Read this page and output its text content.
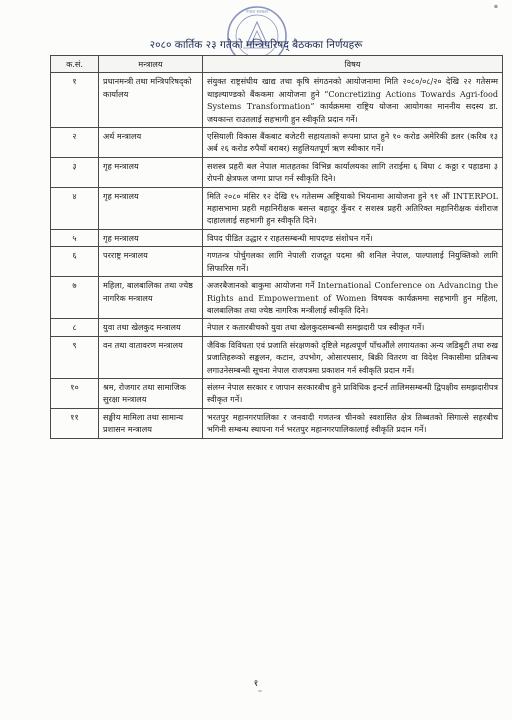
▪
नेपाल सरकार
२०८० कार्तिक २३ गतेको मन्त्रिपरिषद् बैठकका निर्णयहरू
क.सं.	मन्त्रालय	विषय
१	प्रधानमन्त्री तथा मन्त्रिपरिषद्को कार्यालय	संयुक्त राष्ट्रसंघीय खाद्य तथा कृषि संगठनको आयोजनामा मिति २०८०/०८/२० देखि २२ गतेसम्म थाइल्याण्डको बैंककमा आयोजना हुने “Concretizing Actions Towards Agri-food Systems Transformation” कार्यक्रममा राष्ट्रिय योजना आयोगका माननीय सदस्य डा. जयकान्त राउतलाई सहभागी हुन स्वीकृति प्रदान गर्ने।
२	अर्थ मन्त्रालय	एसियाली विकास बैंकबाट बजेटरी सहायताको रूपमा प्राप्त हुने १० करोड अमेरिकी डलर (करिब १३ अर्ब २६ करोड रुपैयाँ बराबर) सहुलियतपूर्ण ऋण स्वीकार गर्ने।
३	गृह मन्त्रालय	सशस्त्र प्रहरी बल नेपाल मातहतका विभिन्न कार्यालयका लागि तराईमा ६ बिघा ८ कठ्ठा र पहाडमा ३ रोपनी क्षेत्रफल जग्गा प्राप्त गर्न स्वीकृति दिने।
४	गृह मन्त्रालय	मिति २०८० मंसिर १२ देखि १५ गतेसम्म अष्ट्रियाको भियनामा आयोजना हुने ९१ औं INTERPOL महासभामा प्रहरी महानिरीक्षक बसन्त बहादुर कुँवर र सशस्त्र प्रहरी अतिरिक्त महानिरीक्षक वंशीराज दाहाललाई सहभागी हुन स्वीकृति दिने।
५	गृह मन्त्रालय	विपद पीडित उद्धार र राहतसम्बन्धी मापदण्ड संशोधन गर्ने।
६	परराष्ट्र मन्त्रालय	गणतन्त्र पोर्चुगलका लागि नेपाली राजदूत पदमा श्री शनिल नेपाल, पाल्पालाई नियुक्तिको लागि सिफारिस गर्ने।
७	महिला, बालबालिका तथा ज्येष्ठ नागरिक मन्त्रालय	अजरबैजानको बाकुमा आयोजना गर्ने International Conference on Advancing the Rights and Empowerment of Women विषयक कार्यक्रममा सहभागी हुन महिला, बालबालिका तथा ज्येष्ठ नागरिक मन्त्रीलाई स्वीकृति दिने।
८	युवा तथा खेलकुद मन्त्रालय	नेपाल र कतारबीचको युवा तथा खेलकुदसम्बन्धी समझदारी पत्र स्वीकृत गर्ने।
९	वन तथा वातावरण मन्त्रालय	जैविक विविधता एवं प्रजाति संरक्षणको दृष्टिले महत्वपूर्ण पाँचऔंले लगायतका अन्य जडिबुटी तथा रुख प्रजातिहरूको सङ्कलन, कटान, उपभोग, ओसारपसार, बिक्री वितरण वा विदेश निकासीमा प्रतिबन्ध लगाउनेसम्बन्धी सूचना नेपाल राजपत्रमा प्रकाशन गर्न स्वीकृति प्रदान गर्ने।
१०	श्रम, रोजगार तथा सामाजिक सुरक्षा मन्त्रालय	संलग्न नेपाल सरकार र जापान सरकारबीच हुने प्राविधिक इन्टर्न तालिमसम्बन्धी द्विपक्षीय समझदारीपत्र स्वीकृत गर्ने।
११	सङ्घीय मामिला तथा सामान्य प्रशासन मन्त्रालय	भरतपुर महानगरपालिका र जनवादी गणतन्त्र चीनको स्वशासित क्षेत्र तिब्बतको सिगात्से सहरबीच भगिनी सम्बन्ध स्थापना गर्न भरतपुर महानगरपालिकालाई स्वीकृति प्रदान गर्ने।
१
